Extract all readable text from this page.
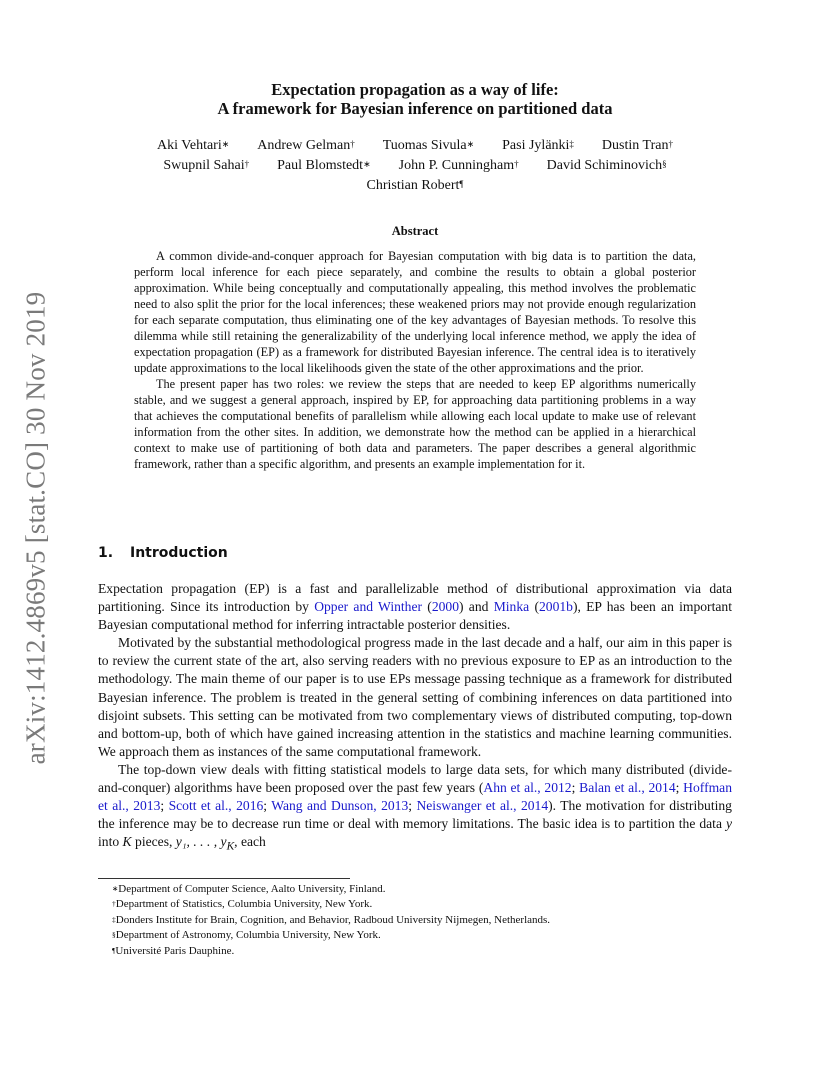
arXiv:1412.4869v5 [stat.CO] 30 Nov 2019
Expectation propagation as a way of life:
A framework for Bayesian inference on partitioned data
Aki Vehtari∗ Andrew Gelman† Tuomas Sivula∗ Pasi Jylänki‡ Dustin Tran†
Swupnil Sahai† Paul Blomstedt∗ John P. Cunningham† David Schiminovich§
Christian Robert¶
Abstract

A common divide-and-conquer approach for Bayesian computation with big data is to partition the data, perform local inference for each piece separately, and combine the results to obtain a global posterior approximation. While being conceptually and computationally appealing, this method involves the problematic need to also split the prior for the local inferences; these weakened priors may not provide enough regularization for each separate computation, thus eliminating one of the key advantages of Bayesian methods. To resolve this dilemma while still retaining the generalizability of the underlying local inference method, we apply the idea of expectation propagation (EP) as a framework for distributed Bayesian inference. The central idea is to iteratively update approximations to the local likelihoods given the state of the other approximations and the prior.

The present paper has two roles: we review the steps that are needed to keep EP algorithms numerically stable, and we suggest a general approach, inspired by EP, for approaching data partitioning problems in a way that achieves the computational benefits of parallelism while allowing each local update to make use of relevant information from the other sites. In addition, we demonstrate how the method can be applied in a hierarchical context to make use of partitioning of both data and parameters. The paper describes a general algorithmic framework, rather than a specific algorithm, and presents an example implementation for it.

1. Introduction

Expectation propagation (EP) is a fast and parallelizable method of distributional approximation via data partitioning. Since its introduction by Opper and Winther (2000) and Minka (2001b), EP has been an important Bayesian computational method for inferring intractable posterior densities.

Motivated by the substantial methodological progress made in the last decade and a half, our aim in this paper is to review the current state of the art, also serving readers with no previous exposure to EP as an introduction to the methodology. The main theme of our paper is to use EPs message passing technique as a framework for distributed Bayesian inference. The problem is treated in the general setting of combining inferences on data partitioned into disjoint subsets. This setting can be motivated from two complementary views of distributed computing, top-down and bottom-up, both of which have gained increasing attention in the statistics and machine learning communities. We approach them as instances of the same computational framework.

The top-down view deals with fitting statistical models to large data sets, for which many distributed (divide-and-conquer) algorithms have been proposed over the past few years (Ahn et al., 2012; Balan et al., 2014; Hoffman et al., 2013; Scott et al., 2016; Wang and Dunson, 2013; Neiswanger et al., 2014). The motivation for distributing the inference may be to decrease run time or deal with memory limitations. The basic idea is to partition the data y into K pieces, y₁, . . . , $y_K$, each

∗Department of Computer Science, Aalto University, Finland.
†Department of Statistics, Columbia University, New York.
‡Donders Institute for Brain, Cognition, and Behavior, Radboud University Nijmegen, Netherlands.
§Department of Astronomy, Columbia University, New York.
¶Université Paris Dauphine.
